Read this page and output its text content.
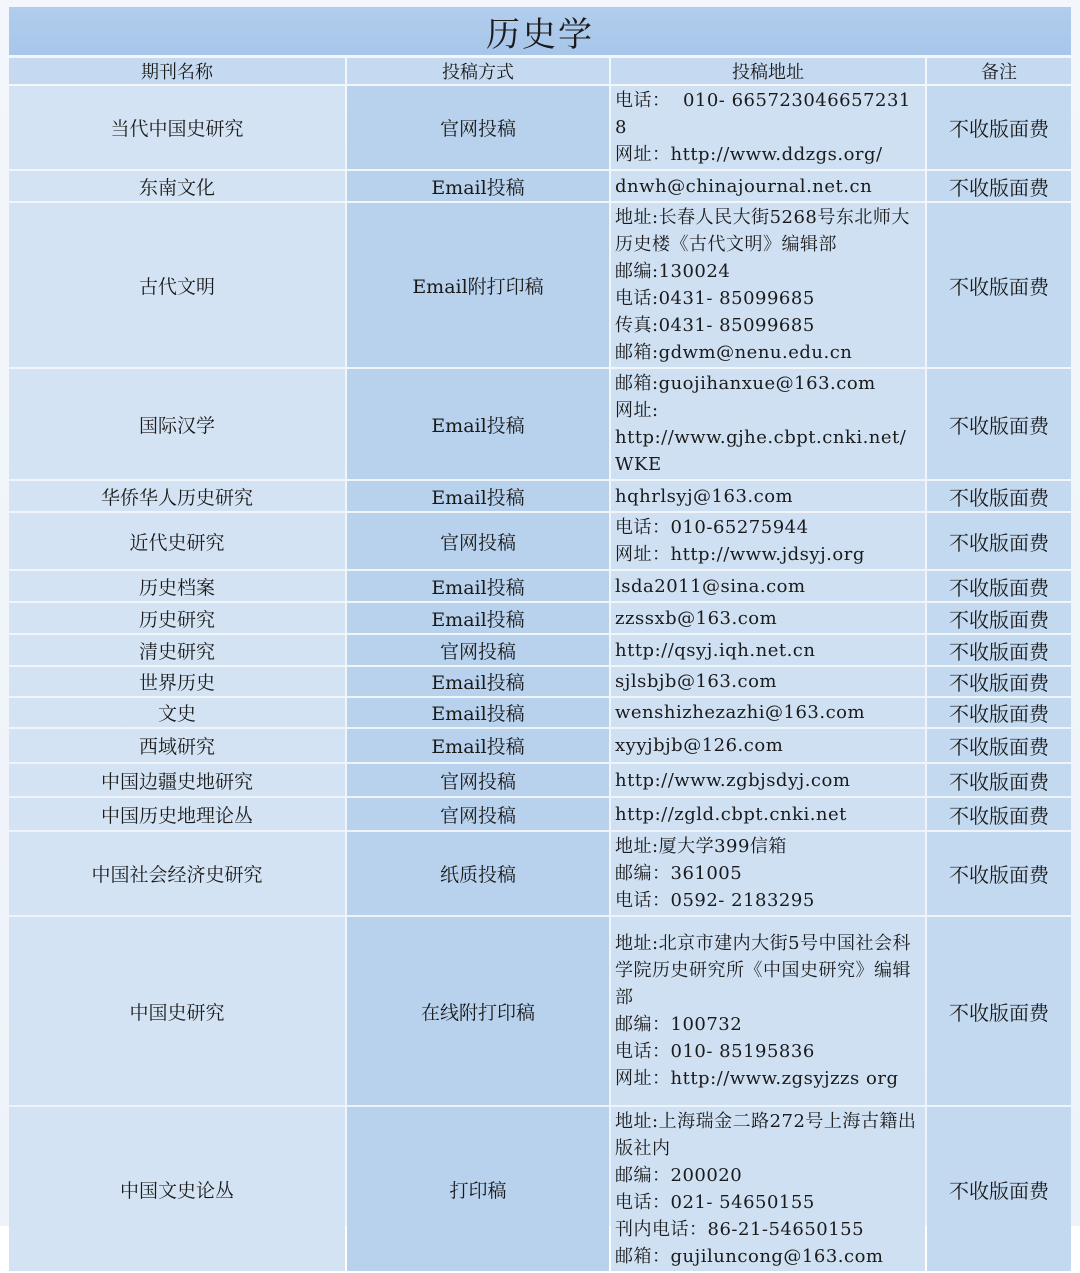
历史学
期刊名称	投稿方式	投稿地址	备注
当代中国史研究	官网投稿	电话：  010- 6657230466572318
网址：http://www.ddzgs.org/	不收版面费
东南文化	Email投稿	dnwh@chinajournal.net.cn	不收版面费
古代文明	Email附打印稿	地址:长春人民大街5268号东北师大历史楼《古代文明》编辑部
邮编:130024
电话:0431- 85099685
传真:0431- 85099685
邮箱:gdwm@nenu.edu.cn	不收版面费
国际汉学	Email投稿	邮箱:guojihanxue@163.com
网址:
http://www.gjhe.cbpt.cnki.net/WKE	不收版面费
华侨华人历史研究	Email投稿	hqhrlsyj@163.com	不收版面费
近代史研究	官网投稿	电话：010-65275944
网址：http://www.jdsyj.org	不收版面费
历史档案	Email投稿	lsda2011@sina.com	不收版面费
历史研究	Email投稿	zzssxb@163.com	不收版面费
清史研究	官网投稿	http://qsyj.iqh.net.cn	不收版面费
世界历史	Email投稿	sjlsbjb@163.com	不收版面费
文史	Email投稿	wenshizhezazhi@163.com	不收版面费
西域研究	Email投稿	xyyjbjb@126.com	不收版面费
中国边疆史地研究	官网投稿	http://www.zgbjsdyj.com	不收版面费
中国历史地理论丛	官网投稿	http://zgld.cbpt.cnki.net	不收版面费
中国社会经济史研究	纸质投稿	地址:厦大学399信箱
邮编：361005
电话：0592- 2183295	不收版面费
中国史研究	在线附打印稿	地址:北京市建内大街5号中国社会科学院历史研究所《中国史研究》编辑部
邮编：100732
电话：010- 85195836
网址：http://www.zgsyjzzs org	不收版面费
中国文史论丛	打印稿	地址:上海瑞金二路272号上海古籍出版社内
邮编：200020
电话：021- 54650155
刊内电话：86-21-54650155
邮箱：gujiluncong@163.com	不收版面费
